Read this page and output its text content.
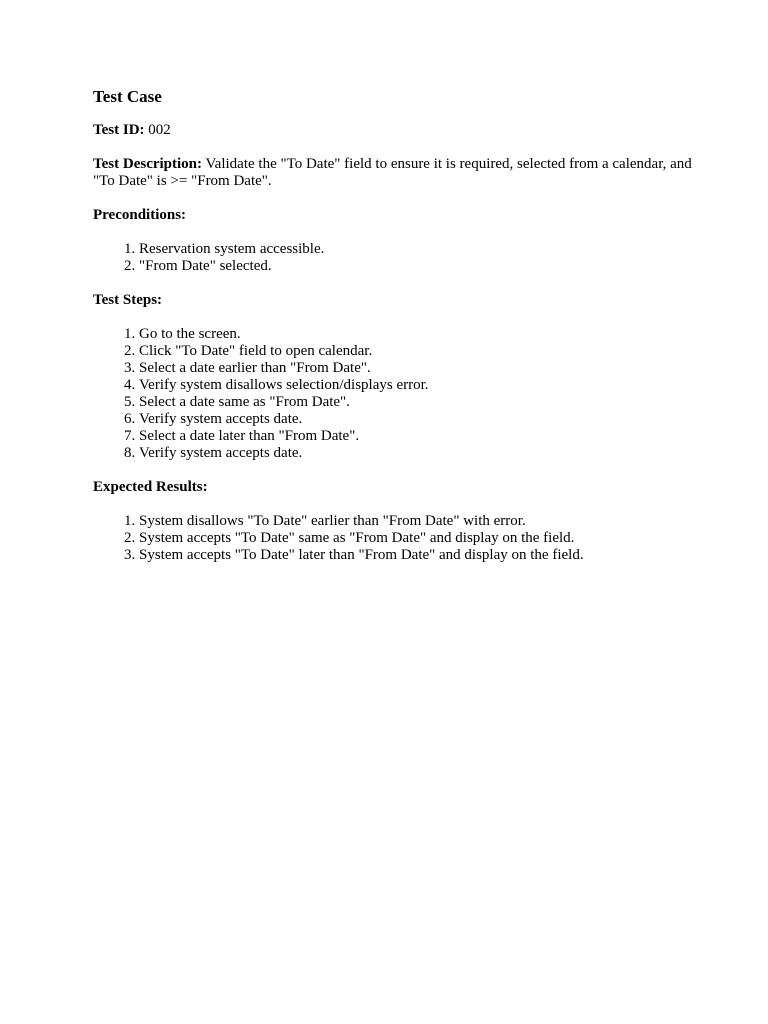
Test Case

Test ID: 002

Test Description: Validate the "To Date" field to ensure it is required, selected from a calendar, and "To Date" is >= "From Date".

Preconditions:

1. Reservation system accessible.
2. "From Date" selected.

Test Steps:

1. Go to the screen.
2. Click "To Date" field to open calendar.
3. Select a date earlier than "From Date".
4. Verify system disallows selection/displays error.
5. Select a date same as "From Date".
6. Verify system accepts date.
7. Select a date later than "From Date".
8. Verify system accepts date.

Expected Results:

1. System disallows "To Date" earlier than "From Date" with error.
2. System accepts "To Date" same as "From Date" and display on the field.
3. System accepts "To Date" later than "From Date" and display on the field.
